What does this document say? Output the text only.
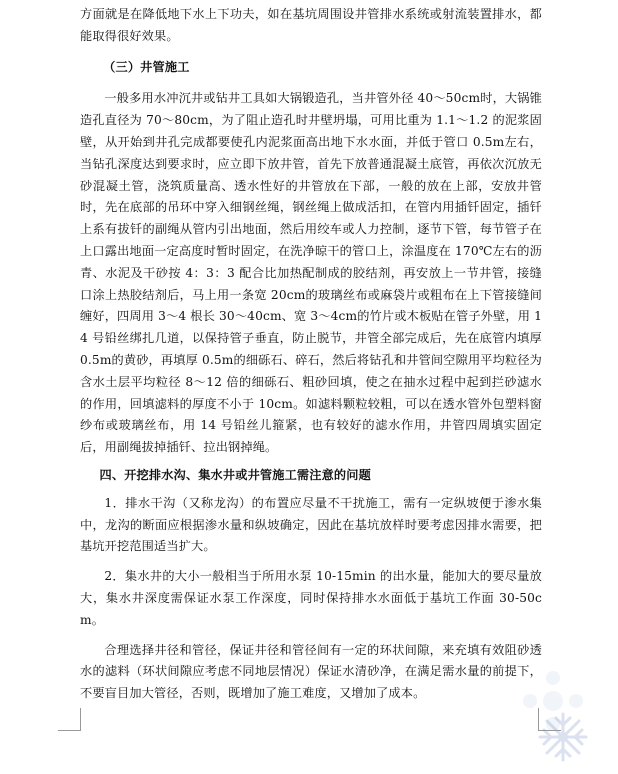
方面就是在降低地下水上下功夫，如在基坑周围设井管排水系统或射流装置排水，都能取得很好效果。

（三）井管施工

一般多用水冲沉井或钻井工具如大锅锻造孔，当井管外径 40～50cm时，大锅锥造孔直径为 70～80cm，为了阻止造孔时井壁坍塌，可用比重为 1.1～1.2 的泥浆固壁，从开始到井孔完成都要使孔内泥浆面高出地下水水面，并低于管口 0.5m左右，当钻孔深度达到要求时，应立即下放井管，首先下放普通混凝土底管，再依次沉放无砂混凝土管，浇筑质量高、透水性好的井管放在下部，一般的放在上部，安放井管时，先在底部的吊环中穿入细钢丝绳，钢丝绳上做成活扣，在管内用插钎固定，插钎上系有拔钎的副绳从管内引出地面，然后用绞车或人力控制，逐节下管，每节管子在上口露出地面一定高度时暂时固定，在洗净晾干的管口上，涂温度在 170℃左右的沥青、水泥及干砂按 4：3：3 配合比加热配制成的胶结剂，再安放上一节井管，接缝口涂上热胶结剂后，马上用一条宽 20cm的玻璃丝布或麻袋片或粗布在上下管接缝间缠好，四周用 3～4 根长 30～40cm、宽 3～4cm的竹片或木板贴在管子外壁，用 14 号铅丝绑扎几道，以保持管子垂直，防止脱节，井管全部完成后，先在底管内填厚 0.5m的黄砂，再填厚 0.5m的细砾石、碎石，然后将钻孔和井管间空隙用平均粒径为含水土层平均粒径 8～12 倍的细砾石、粗砂回填，使之在抽水过程中起到拦砂滤水的作用，回填滤料的厚度不小于 10cm。如滤料颗粒较粗，可以在透水管外包塑料窗纱布或玻璃丝布，用 14 号铅丝儿箍紧，也有较好的滤水作用，井管四周填实固定后，用副绳拔掉插钎、拉出钢掉绳。

四、开挖排水沟、集水井或井管施工需注意的问题

1．排水干沟（又称龙沟）的布置应尽量不干扰施工，需有一定纵坡便于渗水集中，龙沟的断面应根据渗水量和纵坡确定，因此在基坑放样时要考虑因排水需要，把基坑开挖范围适当扩大。

2．集水井的大小一般相当于所用水泵 10-15min 的出水量，能加大的要尽量放大，集水井深度需保证水泵工作深度，同时保持排水水面低于基坑工作面 30-50cm。

合理选择井径和管径，保证井径和管径间有一定的环状间隙，来充填有效阻砂透水的滤料（环状间隙应考虑不同地层情况）保证水清砂净，在满足需水量的前提下，不要盲目加大管径，否则，既增加了施工难度，又增加了成本。
